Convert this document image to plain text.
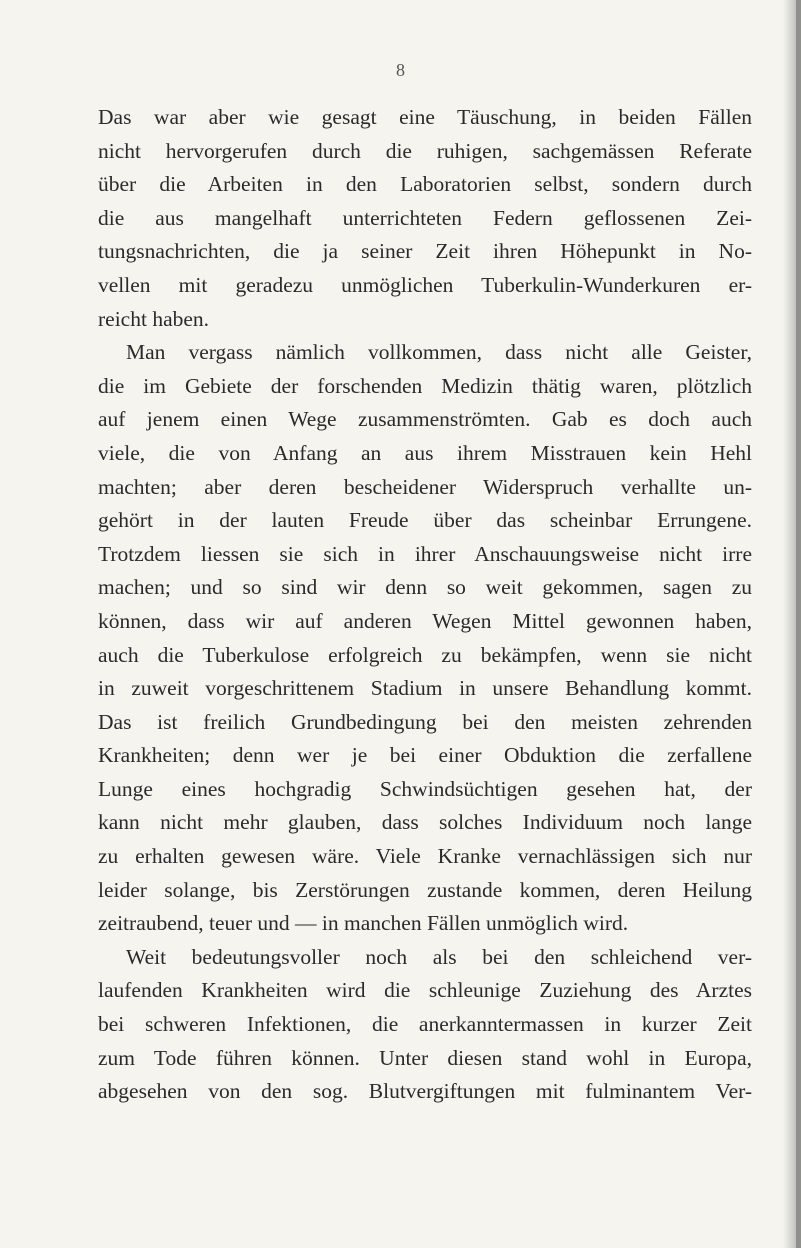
8
Das war aber wie gesagt eine Täuschung, in beiden Fällen
nicht hervorgerufen durch die ruhigen, sachgemässen Referate
über die Arbeiten in den Laboratorien selbst, sondern durch
die aus mangelhaft unterrichteten Federn geflossenen Zei-
tungsnachrichten, die ja seiner Zeit ihren Höhepunkt in No-
vellen mit geradezu unmöglichen Tuberkulin-Wunderkuren er-
reicht haben.
Man vergass nämlich vollkommen, dass nicht alle Geister,
die im Gebiete der forschenden Medizin thätig waren, plötzlich
auf jenem einen Wege zusammenströmten. Gab es doch auch
viele, die von Anfang an aus ihrem Misstrauen kein Hehl
machten; aber deren bescheidener Widerspruch verhallte un-
gehört in der lauten Freude über das scheinbar Errungene.
Trotzdem liessen sie sich in ihrer Anschauungsweise nicht irre
machen; und so sind wir denn so weit gekommen, sagen zu
können, dass wir auf anderen Wegen Mittel gewonnen haben,
auch die Tuberkulose erfolgreich zu bekämpfen, wenn sie nicht
in zuweit vorgeschrittenem Stadium in unsere Behandlung kommt.
Das ist freilich Grundbedingung bei den meisten zehrenden
Krankheiten; denn wer je bei einer Obduktion die zerfallene
Lunge eines hochgradig Schwindsüchtigen gesehen hat, der
kann nicht mehr glauben, dass solches Individuum noch lange
zu erhalten gewesen wäre. Viele Kranke vernachlässigen sich nur
leider solange, bis Zerstörungen zustande kommen, deren Heilung
zeitraubend, teuer und — in manchen Fällen unmöglich wird.
Weit bedeutungsvoller noch als bei den schleichend ver-
laufenden Krankheiten wird die schleunige Zuziehung des Arztes
bei schweren Infektionen, die anerkanntermassen in kurzer Zeit
zum Tode führen können. Unter diesen stand wohl in Europa,
abgesehen von den sog. Blutvergiftungen mit fulminantem Ver-
